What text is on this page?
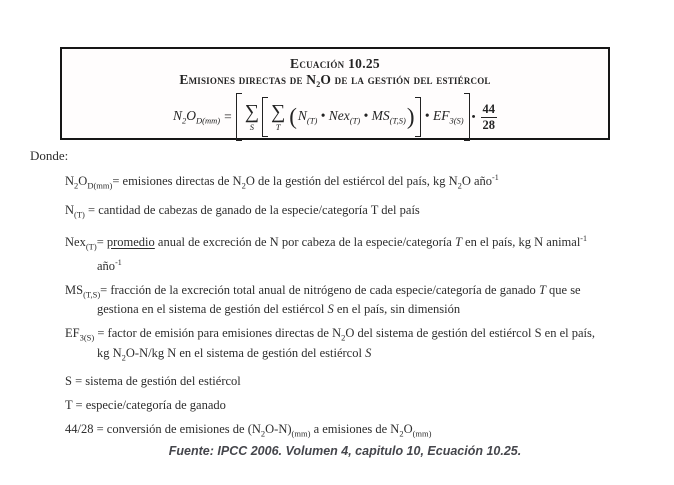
Ecuación 10.25
Emisiones directas de $N_2O$ de la gestión del estiércol
$N_2O_{D(mm)}$ = ∑
S
∑
T ( $N_{(T)}$ • Nex$_{(T)}$ • $MS_{(T,S)}$ ) • $EF_{3(S)}$ • $\frac{44}{28}$
Donde:
$N_2O_{D(mm)}=$ emisiones directas de $N_2O$ de la gestión del estiércol del país, kg $N_2O$ año$^{-1}$
$N_{(T)}$ = cantidad de cabezas de ganado de la especie/categoría T del país
Nex$_{(T)}$= promedio anual de excreción de N por cabeza de la especie/categoría T en el país, kg N animal$^{-1}$
año$^{-1}$
$MS_{(T,S)}=$ fracción de la excreción total anual de nitrógeno de cada especie/categoría de ganado T que se
gestiona en el sistema de gestión del estiércol S en el país, sin dimensión
$EF_{3(S)}$ = factor de emisión para emisiones directas de $N_2O$ del sistema de gestión del estiércol S en el país,
kg $N_2O-N/kg$ N en el sistema de gestión del estiércol S
S = sistema de gestión del estiércol
T = especie/categoría de ganado
44/28 = conversión de emisiones de $(N_2O-N)_{(mm)}$ a emisiones de $N_2O_{(mm)}$
Fuente: IPCC 2006. Volumen 4, capitulo 10, Ecuación 10.25.
